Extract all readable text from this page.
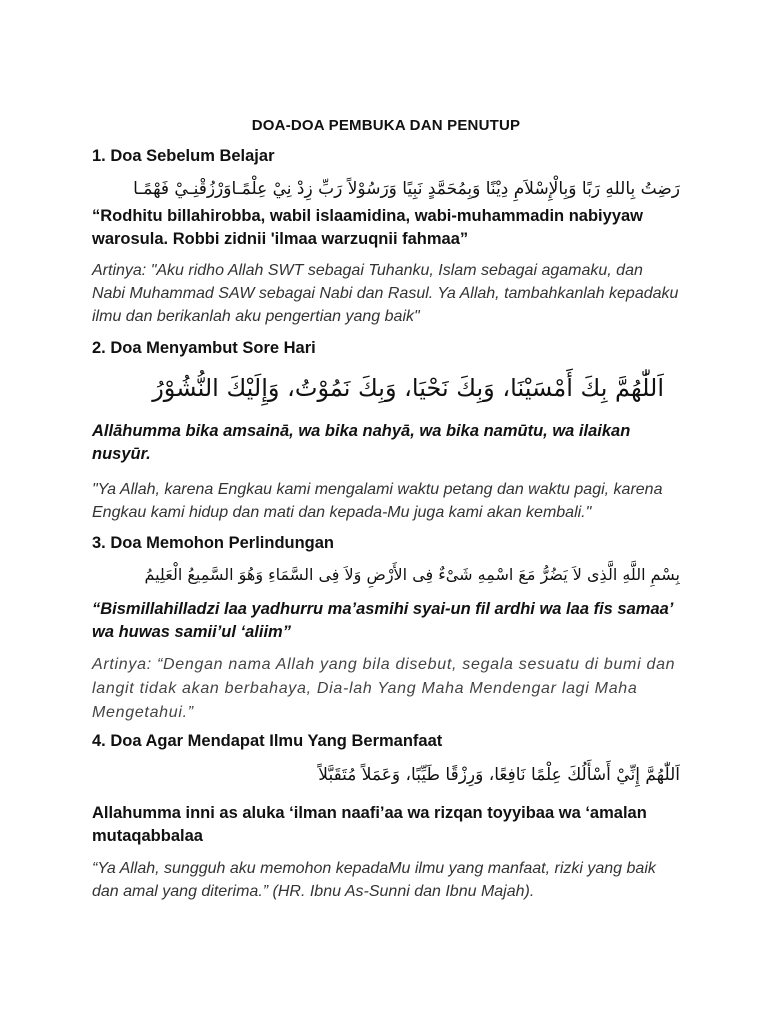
DOA-DOA PEMBUKA DAN PENUTUP
1. Doa Sebelum Belajar
رَضِتُ بِاللهِ رَبًا وَبِالْإِسْلاَمِ دِيْنًا وَبِمُحَمَّدٍ نَبِيًا وَرَسُوْلاً رَبِّ زِدْ نِيْ عِلْمًـاوَرْزُقْنِـيْ فَهْمًـا
“Rodhitu billahirobba, wabil islaamidina, wabi-muhammadin nabiyyaw warosula. Robbi zidnii 'ilmaa warzuqnii fahmaa”
Artinya: "Aku ridho Allah SWT sebagai Tuhanku, Islam sebagai agamaku, dan Nabi Muhammad SAW sebagai Nabi dan Rasul. Ya Allah, tambahkanlah kepadaku ilmu dan berikanlah aku pengertian yang baik"
2. Doa Menyambut Sore Hari
اَللّٰهُمَّ بِكَ أَمْسَيْنَا، وَبِكَ نَحْيَا، وَبِكَ نَمُوْتُ، وَإِلَيْكَ النُّشُوْرُ
Allāhumma bika amsainā, wa bika nahyā, wa bika namūtu, wa ilaikan nusyūr.
"Ya Allah, karena Engkau kami mengalami waktu petang dan waktu pagi, karena Engkau kami hidup dan mati dan kepada-Mu juga kami akan kembali."
3. Doa Memohon Perlindungan
بِسْمِ اللَّهِ الَّذِى لاَ يَضُرُّ مَعَ اسْمِهِ شَىْءٌ فِى الأَرْضِ وَلاَ فِى السَّمَاءِ وَهُوَ السَّمِيعُ الْعَلِيمُ
“Bismillahilladzi laa yadhurru ma’asmihi syai-un fil ardhi wa laa fis samaa’ wa huwas samii’ul ‘aliim”
Artinya: “Dengan nama Allah yang bila disebut, segala sesuatu di bumi dan langit tidak akan berbahaya, Dia-lah Yang Maha Mendengar lagi Maha Mengetahui.”
4. Doa Agar Mendapat Ilmu Yang Bermanfaat
اَللّٰهُمَّ إِنِّيْ أَسْأَلُكَ عِلْمًا نَافِعًا، وَرِزْقًا طَيِّبًا، وَعَمَلاً مُتَقَبَّلاً
Allahumma inni as aluka ‘ilman naafi’aa wa rizqan toyyibaa wa ‘amalan mutaqabbalaa
“Ya Allah, sungguh aku memohon kepadaMu ilmu yang manfaat, rizki yang baik dan amal yang diterima.” (HR. Ibnu As-Sunni dan Ibnu Majah).
